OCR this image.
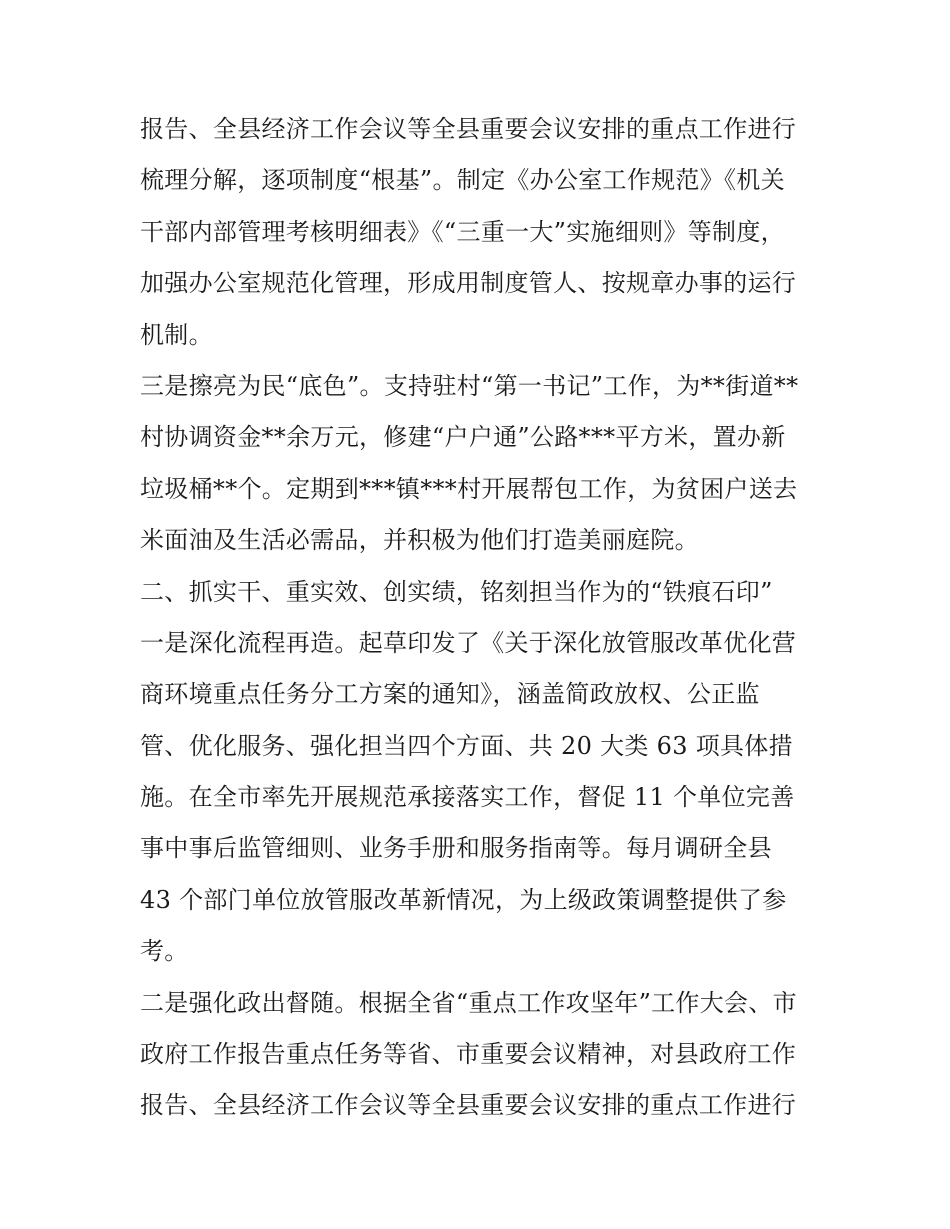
报告、全县经济工作会议等全县重要会议安排的重点工作进行
梳理分解，逐项制度“根基”。制定《办公室工作规范》《机关
干部内部管理考核明细表》《“三重一大”实施细则》等制度，
加强办公室规范化管理，形成用制度管人、按规章办事的运行
机制。
三是擦亮为民“底色”。支持驻村“第一书记”工作，为**街道**
村协调资金**余万元，修建“户户通”公路***平方米，置办新
垃圾桶**个。定期到***镇***村开展帮包工作，为贫困户送去
米面油及生活必需品，并积极为他们打造美丽庭院。
二、抓实干、重实效、创实绩，铭刻担当作为的“铁痕石印”
一是深化流程再造。起草印发了《关于深化放管服改革优化营
商环境重点任务分工方案的通知》，涵盖简政放权、公正监
管、优化服务、强化担当四个方面、共 20 大类 63 项具体措
施。在全市率先开展规范承接落实工作，督促 11 个单位完善
事中事后监管细则、业务手册和服务指南等。每月调研全县
43 个部门单位放管服改革新情况，为上级政策调整提供了参
考。
二是强化政出督随。根据全省“重点工作攻坚年”工作大会、市
政府工作报告重点任务等省、市重要会议精神，对县政府工作
报告、全县经济工作会议等全县重要会议安排的重点工作进行
